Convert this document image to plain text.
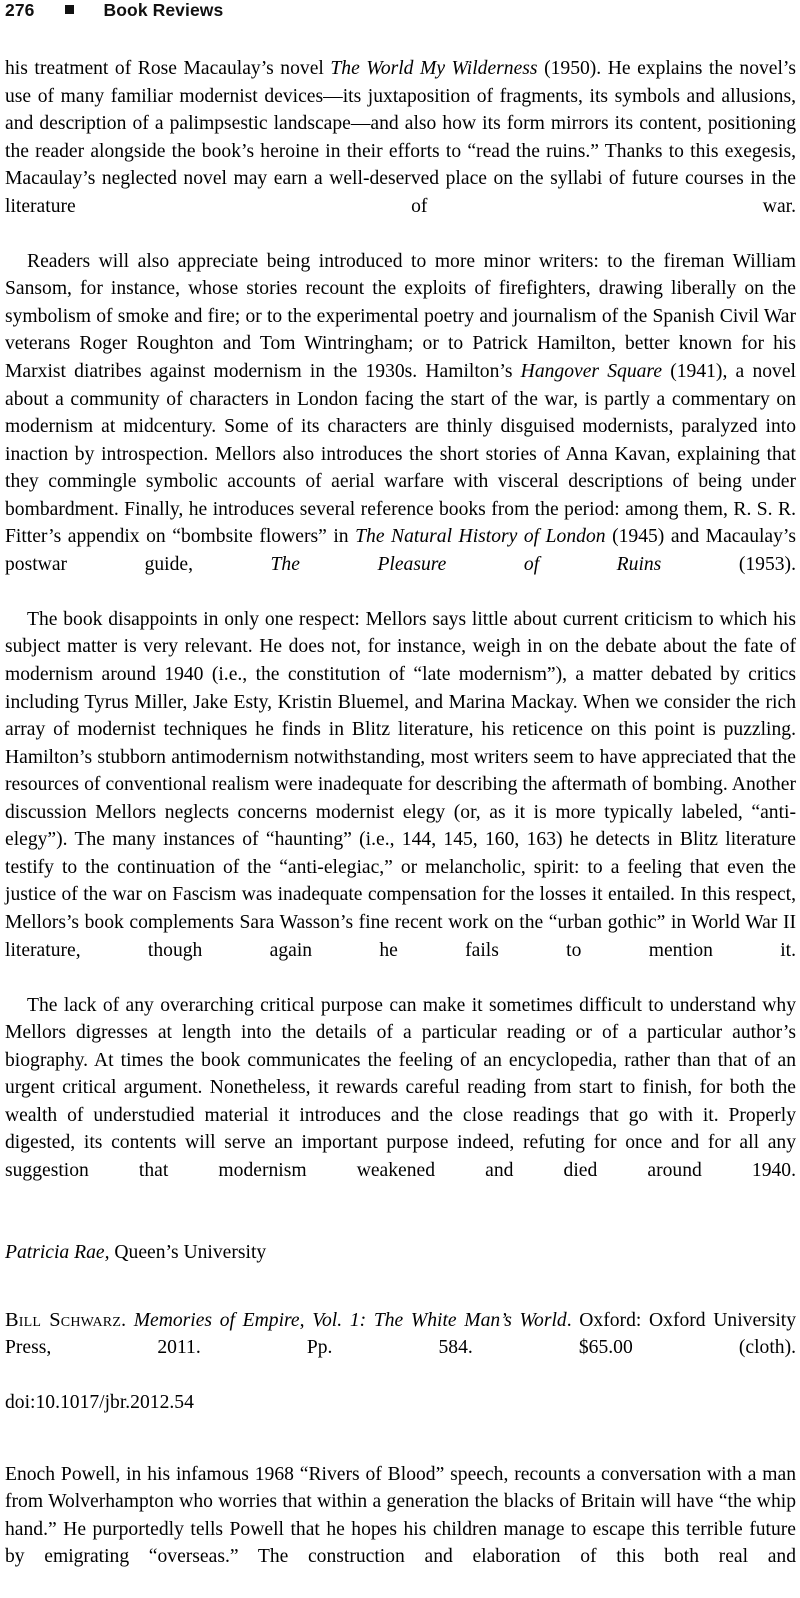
276	Book Reviews

his treatment of Rose Macaulay’s novel The World My Wilderness (1950). He explains the novel’s use of many familiar modernist devices—its juxtaposition of fragments, its symbols and allusions, and description of a palimpsestic landscape—and also how its form mirrors its content, positioning the reader alongside the book’s heroine in their efforts to “read the ruins.” Thanks to this exegesis, Macaulay’s neglected novel may earn a well-deserved place on the syllabi of future courses in the literature of war.

Readers will also appreciate being introduced to more minor writers: to the fireman William Sansom, for instance, whose stories recount the exploits of firefighters, drawing liberally on the symbolism of smoke and fire; or to the experimental poetry and journalism of the Spanish Civil War veterans Roger Roughton and Tom Wintringham; or to Patrick Hamilton, better known for his Marxist diatribes against modernism in the 1930s. Hamilton’s Hangover Square (1941), a novel about a community of characters in London facing the start of the war, is partly a commentary on modernism at midcentury. Some of its characters are thinly disguised modernists, paralyzed into inaction by introspection. Mellors also introduces the short stories of Anna Kavan, explaining that they commingle symbolic accounts of aerial warfare with visceral descriptions of being under bombardment. Finally, he introduces several reference books from the period: among them, R. S. R. Fitter’s appendix on “bombsite flowers” in The Natural History of London (1945) and Macaulay’s postwar guide, The Pleasure of Ruins (1953).

The book disappoints in only one respect: Mellors says little about current criticism to which his subject matter is very relevant. He does not, for instance, weigh in on the debate about the fate of modernism around 1940 (i.e., the constitution of “late modernism”), a matter debated by critics including Tyrus Miller, Jake Esty, Kristin Bluemel, and Marina Mackay. When we consider the rich array of modernist techniques he finds in Blitz literature, his reticence on this point is puzzling. Hamilton’s stubborn antimodernism notwithstanding, most writers seem to have appreciated that the resources of conventional realism were inadequate for describing the aftermath of bombing. Another discussion Mellors neglects concerns modernist elegy (or, as it is more typically labeled, “anti-elegy”). The many instances of “haunting” (i.e., 144, 145, 160, 163) he detects in Blitz literature testify to the continuation of the “anti-elegiac,” or melancholic, spirit: to a feeling that even the justice of the war on Fascism was inadequate compensation for the losses it entailed. In this respect, Mellors’s book complements Sara Wasson’s fine recent work on the “urban gothic” in World War II literature, though again he fails to mention it.

The lack of any overarching critical purpose can make it sometimes difficult to understand why Mellors digresses at length into the details of a particular reading or of a particular author’s biography. At times the book communicates the feeling of an encyclopedia, rather than that of an urgent critical argument. Nonetheless, it rewards careful reading from start to finish, for both the wealth of understudied material it introduces and the close readings that go with it. Properly digested, its contents will serve an important purpose indeed, refuting for once and for all any suggestion that modernism weakened and died around 1940.

Patricia Rae, Queen’s University

Bill Schwarz. Memories of Empire, Vol. 1: The White Man’s World. Oxford: Oxford University Press, 2011. Pp. 584. $65.00 (cloth).

doi:10.1017/jbr.2012.54

Enoch Powell, in his infamous 1968 “Rivers of Blood” speech, recounts a conversation with a man from Wolverhampton who worries that within a generation the blacks of Britain will have “the whip hand.” He purportedly tells Powell that he hopes his children manage to escape this terrible future by emigrating “overseas.” The construction and elaboration of this both real and
